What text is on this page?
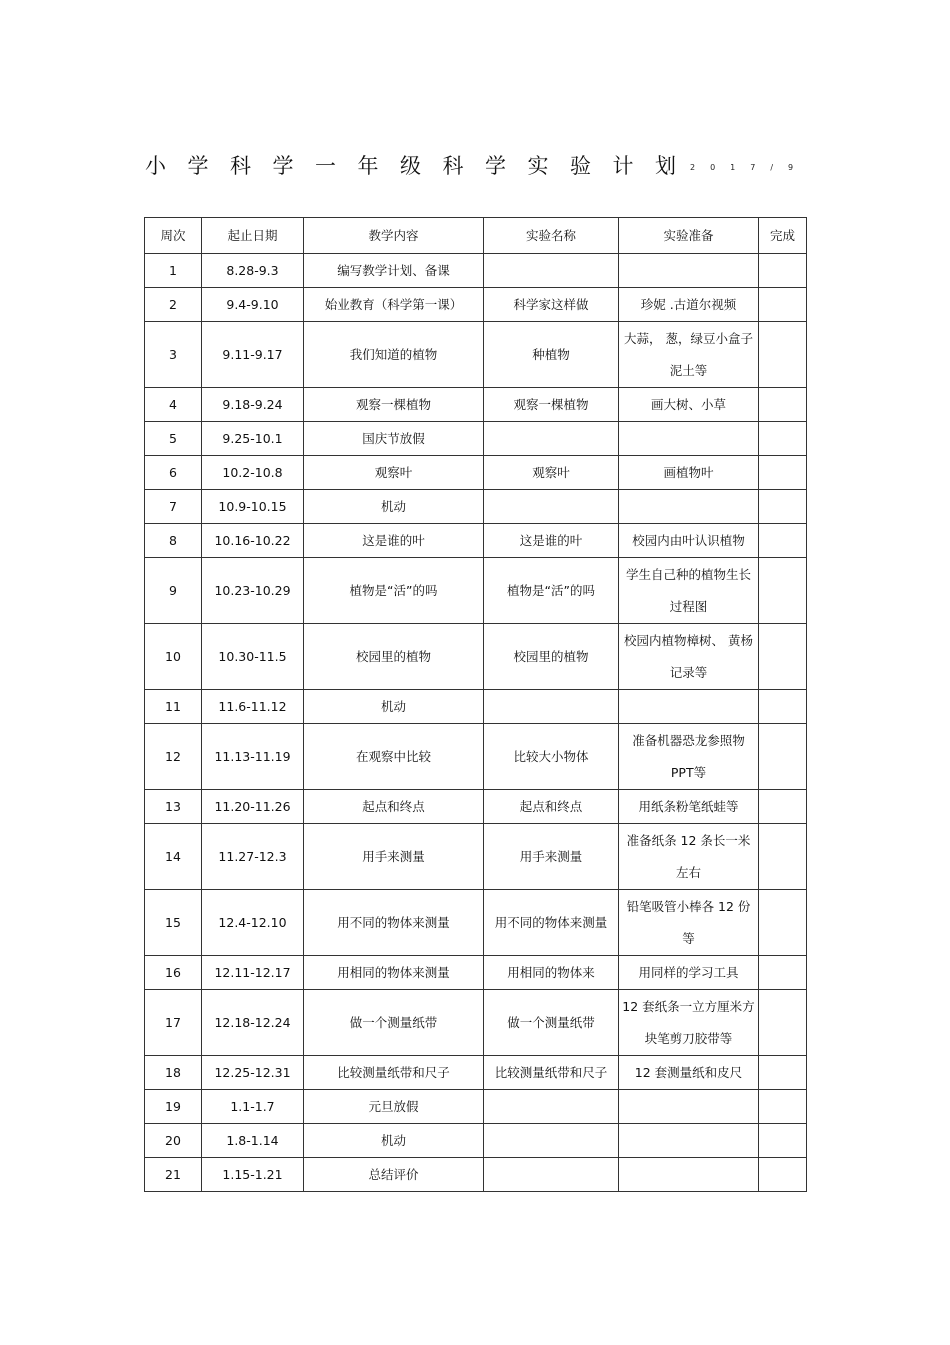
小学科学一年级科学实验计划
2017/9
周次	起止日期	教学内容	实验名称	实验准备	完成
1	8.28-9.3	编写教学计划、备课			
2	9.4-9.10	始业教育（科学第一课）	科学家这样做	珍妮 .古道尔视频	
3	9.11-9.17	我们知道的植物	种植物	大蒜， 葱，绿豆小盒子泥土等	
4	9.18-9.24	观察一棵植物	观察一棵植物	画大树、小草	
5	9.25-10.1	国庆节放假			
6	10.2-10.8	观察叶	观察叶	画植物叶	
7	10.9-10.15	机动			
8	10.16-10.22	这是谁的叶	这是谁的叶	校园内由叶认识植物	
9	10.23-10.29	植物是“活”的吗	植物是“活”的吗	学生自己种的植物生长过程图	
10	10.30-11.5	校园里的植物	校园里的植物	校园内植物樟树、 黄杨记录等	
11	11.6-11.12	机动			
12	11.13-11.19	在观察中比较	比较大小物体	准备机器恐龙参照物PPT等	
13	11.20-11.26	起点和终点	起点和终点	用纸条粉笔纸蛙等	
14	11.27-12.3	用手来测量	用手来测量	准备纸条 12 条长一米左右	
15	12.4-12.10	用不同的物体来测量	用不同的物体来测量	铅笔吸管小棒各 12 份等	
16	12.11-12.17	用相同的物体来测量	用相同的物体来	用同样的学习工具	
17	12.18-12.24	做一个测量纸带	做一个测量纸带	12 套纸条一立方厘米方块笔剪刀胶带等	
18	12.25-12.31	比较测量纸带和尺子	比较测量纸带和尺子	12 套测量纸和皮尺	
19	1.1-1.7	元旦放假			
20	1.8-1.14	机动			
21	1.15-1.21	总结评价			
